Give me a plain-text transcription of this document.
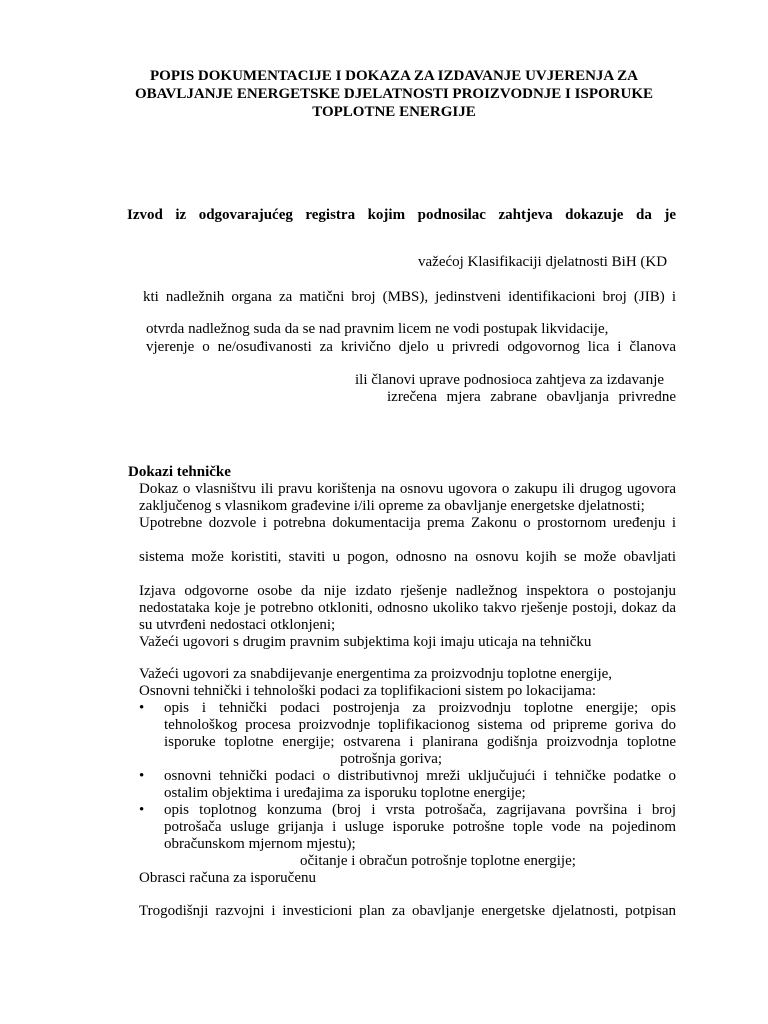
POPIS DOKUMENTACIJE I DOKAZA ZA IZDAVANJE UVJERENJA ZA
OBAVLJANJE ENERGETSKE DJELATNOSTI PROIZVODNJE I ISPORUKE
TOPLOTNE ENERGIJE
Izvod iz odgovarajućeg registra kojim podnosilac zahtjeva dokazuje da je
važećoj Klasifikaciji djelatnosti BiH (KD
kti nadležnih organa za matični broj (MBS), jedinstveni identifikacioni broj (JIB) i
otvrda nadležnog suda da se nad pravnim licem ne vodi postupak likvidacije,
vjerenje o ne/osuđivanosti za krivično djelo u privredi odgovornog lica i članova
ili članovi uprave podnosioca zahtjeva za izdavanje
izrečena mjera zabrane obavljanja privredne
Dokazi tehničke
Dokaz o vlasništvu ili pravu korištenja na osnovu ugovora o zakupu ili drugog ugovora
zaključenog s vlasnikom građevine i/ili opreme za obavljanje energetske djelatnosti;
Upotrebne dozvole i potrebna dokumentacija prema Zakonu o prostornom uređenju i
sistema može koristiti, staviti u pogon, odnosno na osnovu kojih se može obavljati
Izjava odgovorne osobe da nije izdato rješenje nadležnog inspektora o postojanju
nedostataka koje je potrebno otkloniti, odnosno ukoliko takvo rješenje postoji, dokaz da
su utvrđeni nedostaci otklonjeni;
Važeći ugovori s drugim pravnim subjektima koji imaju uticaja na tehničku
Važeći ugovori za snabdijevanje energentima za proizvodnju toplotne energije,
Osnovni tehnički i tehnološki podaci za toplifikacioni sistem po lokacijama:
• opis i tehnički podaci postrojenja za proizvodnju toplotne energije; opis
tehnološkog procesa proizvodnje toplifikacionog sistema od pripreme goriva do
isporuke toplotne energije; ostvarena i planirana godišnja proizvodnja toplotne
potrošnja goriva;
• osnovni tehnički podaci o distributivnoj mreži uključujući i tehničke podatke o
ostalim objektima i uređajima za isporuku toplotne energije;
• opis toplotnog konzuma (broj i vrsta potrošača, zagrijavana površina i broj
potrošača usluge grijanja i usluge isporuke potrošne tople vode na pojedinom
obračunskom mjernom mjestu);
očitanje i obračun potrošnje toplotne energije;
Obrasci računa za isporučenu
Trogodišnji razvojni i investicioni plan za obavljanje energetske djelatnosti, potpisan
